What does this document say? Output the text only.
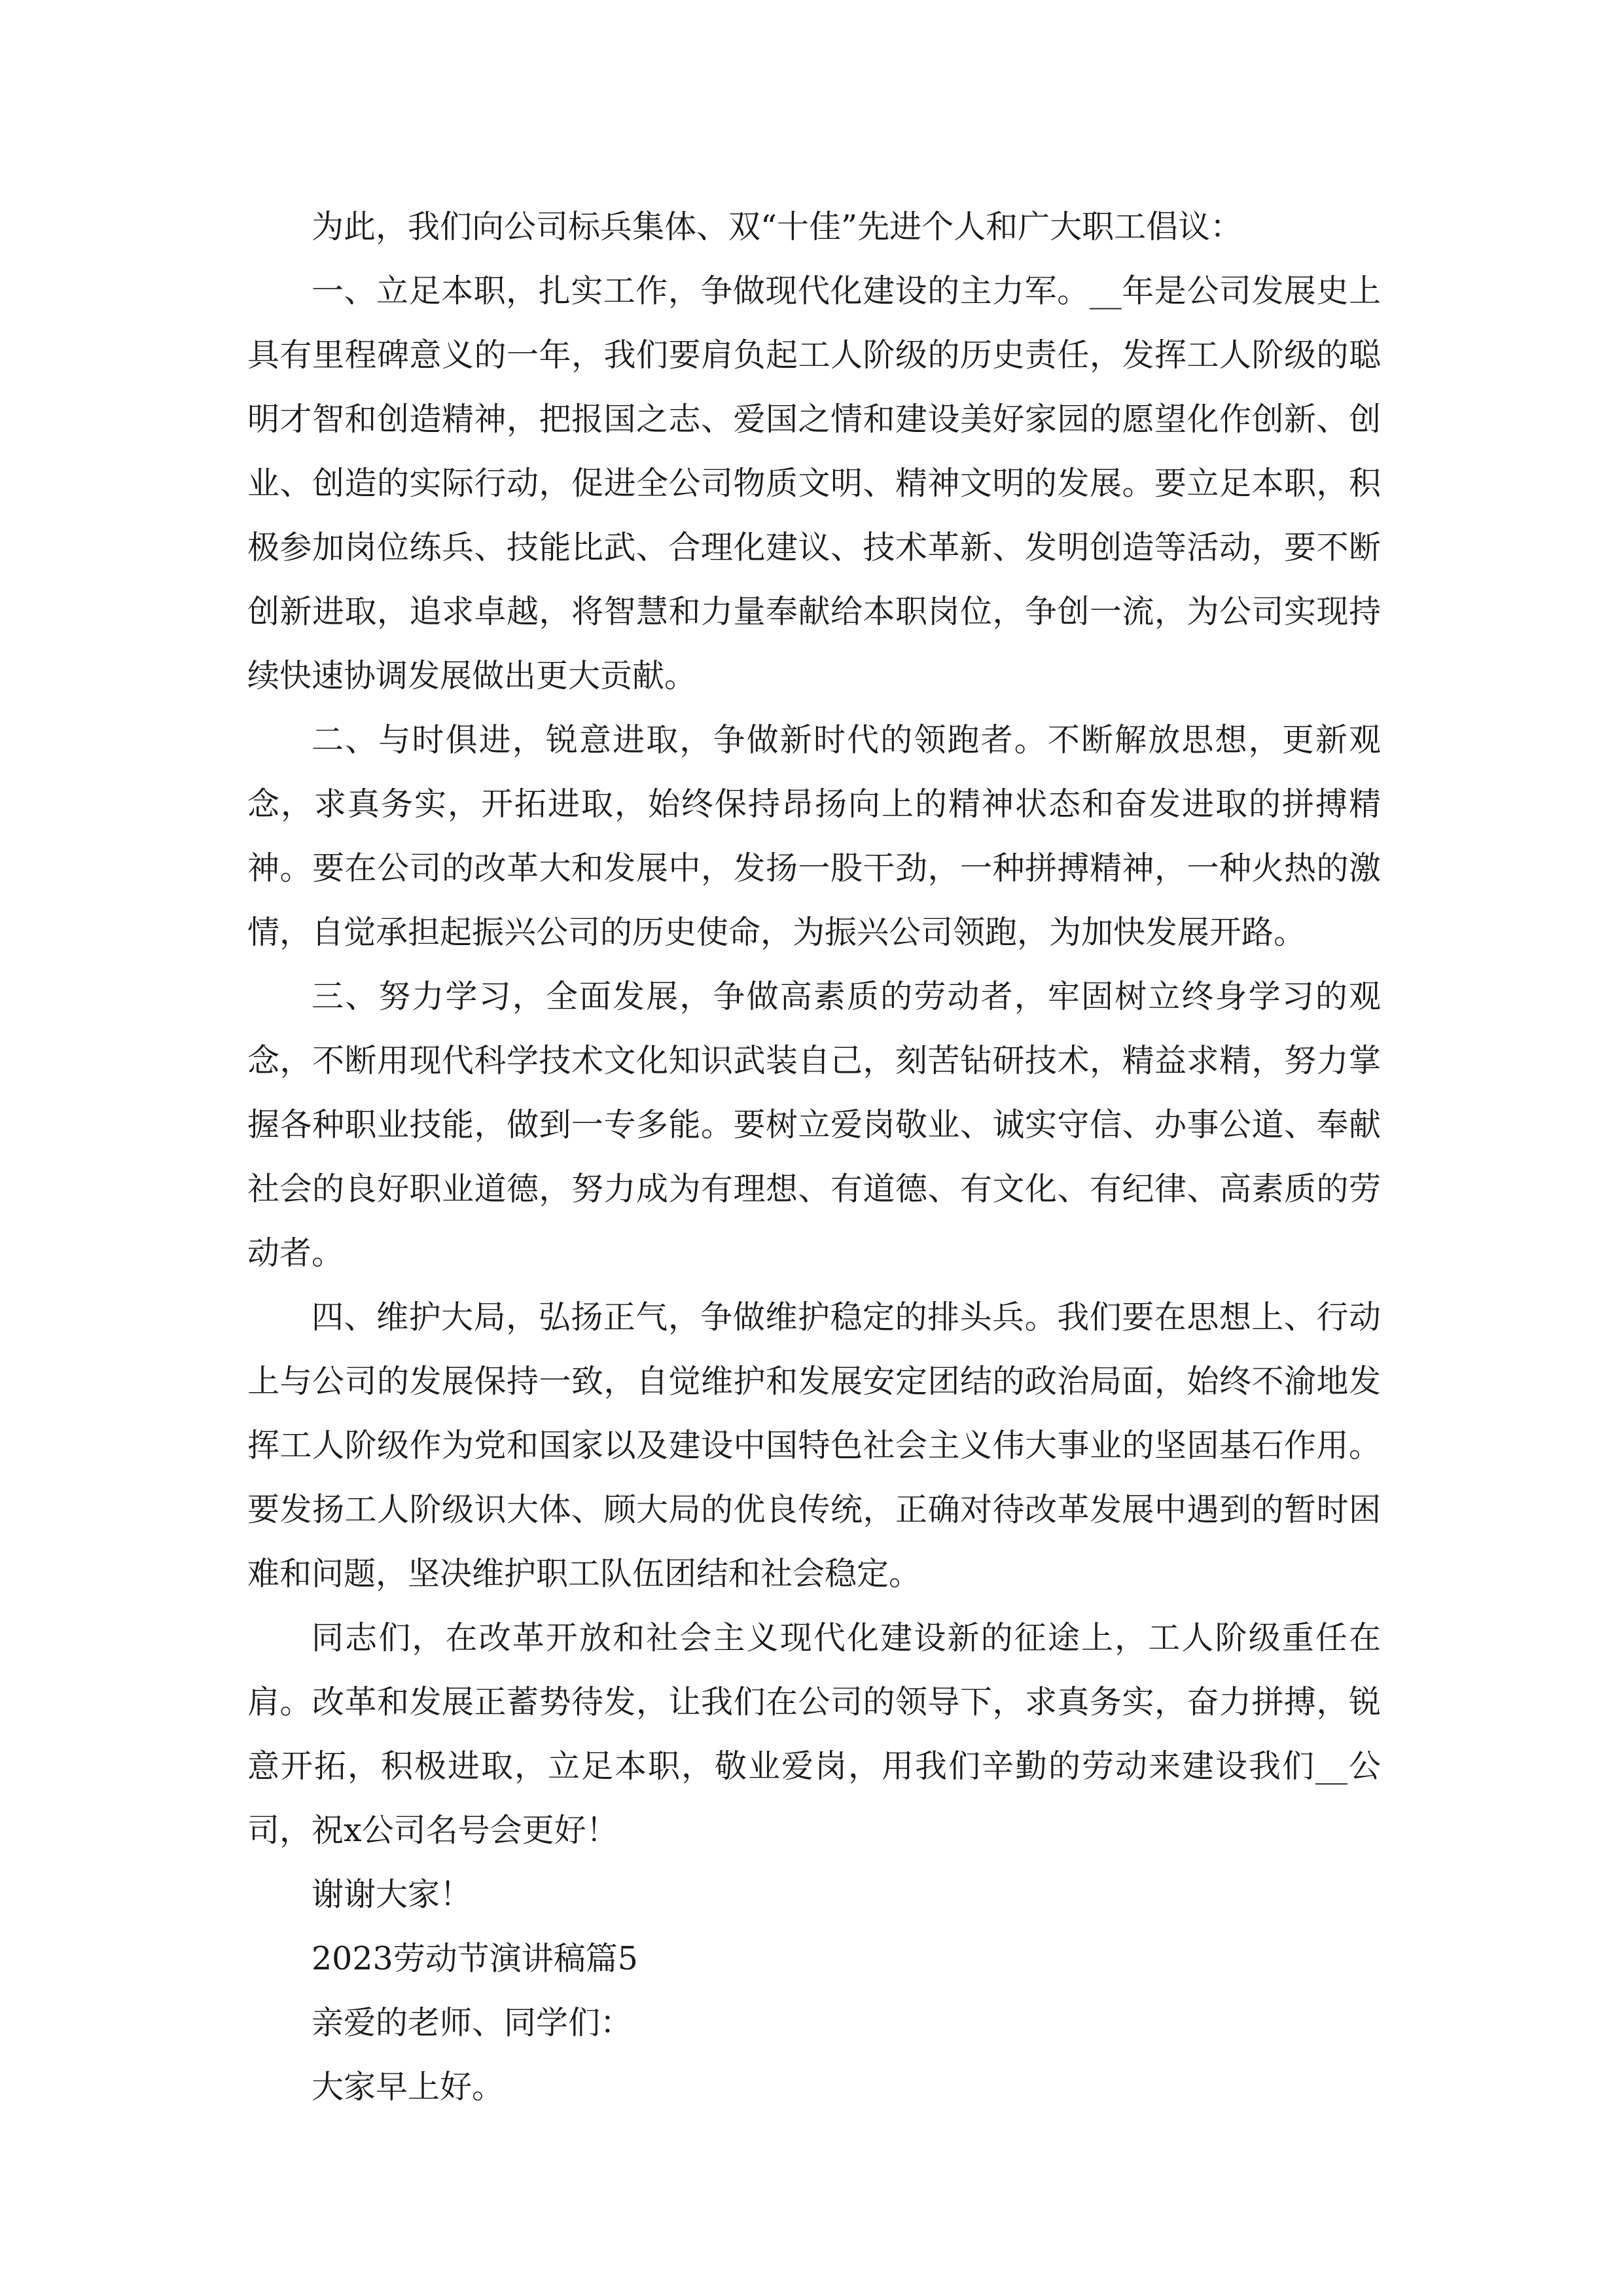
为此，我们向公司标兵集体、双“十佳”先进个人和广大职工倡议：

一、立足本职，扎实工作，争做现代化建设的主力军。__年是公司发展史上具有里程碑意义的一年，我们要肩负起工人阶级的历史责任，发挥工人阶级的聪明才智和创造精神，把报国之志、爱国之情和建设美好家园的愿望化作创新、创业、创造的实际行动，促进全公司物质文明、精神文明的发展。要立足本职，积极参加岗位练兵、技能比武、合理化建议、技术革新、发明创造等活动，要不断创新进取，追求卓越，将智慧和力量奉献给本职岗位，争创一流，为公司实现持续快速协调发展做出更大贡献。

二、与时俱进，锐意进取，争做新时代的领跑者。不断解放思想，更新观念，求真务实，开拓进取，始终保持昂扬向上的精神状态和奋发进取的拼搏精神。要在公司的改革大和发展中，发扬一股干劲，一种拼搏精神，一种火热的激情，自觉承担起振兴公司的历史使命，为振兴公司领跑，为加快发展开路。

三、努力学习，全面发展，争做高素质的劳动者，牢固树立终身学习的观念，不断用现代科学技术文化知识武装自己，刻苦钻研技术，精益求精，努力掌握各种职业技能，做到一专多能。要树立爱岗敬业、诚实守信、办事公道、奉献社会的良好职业道德，努力成为有理想、有道德、有文化、有纪律、高素质的劳动者。

四、维护大局，弘扬正气，争做维护稳定的排头兵。我们要在思想上、行动上与公司的发展保持一致，自觉维护和发展安定团结的政治局面，始终不渝地发挥工人阶级作为党和国家以及建设中国特色社会主义伟大事业的坚固基石作用。要发扬工人阶级识大体、顾大局的优良传统，正确对待改革发展中遇到的暂时困难和问题，坚决维护职工队伍团结和社会稳定。

同志们，在改革开放和社会主义现代化建设新的征途上，工人阶级重任在肩。改革和发展正蓄势待发，让我们在公司的领导下，求真务实，奋力拼搏，锐意开拓，积极进取，立足本职，敬业爱岗，用我们辛勤的劳动来建设我们__公司，祝x公司名号会更好！

谢谢大家！

2023劳动节演讲稿篇5

亲爱的老师、同学们：

大家早上好。
